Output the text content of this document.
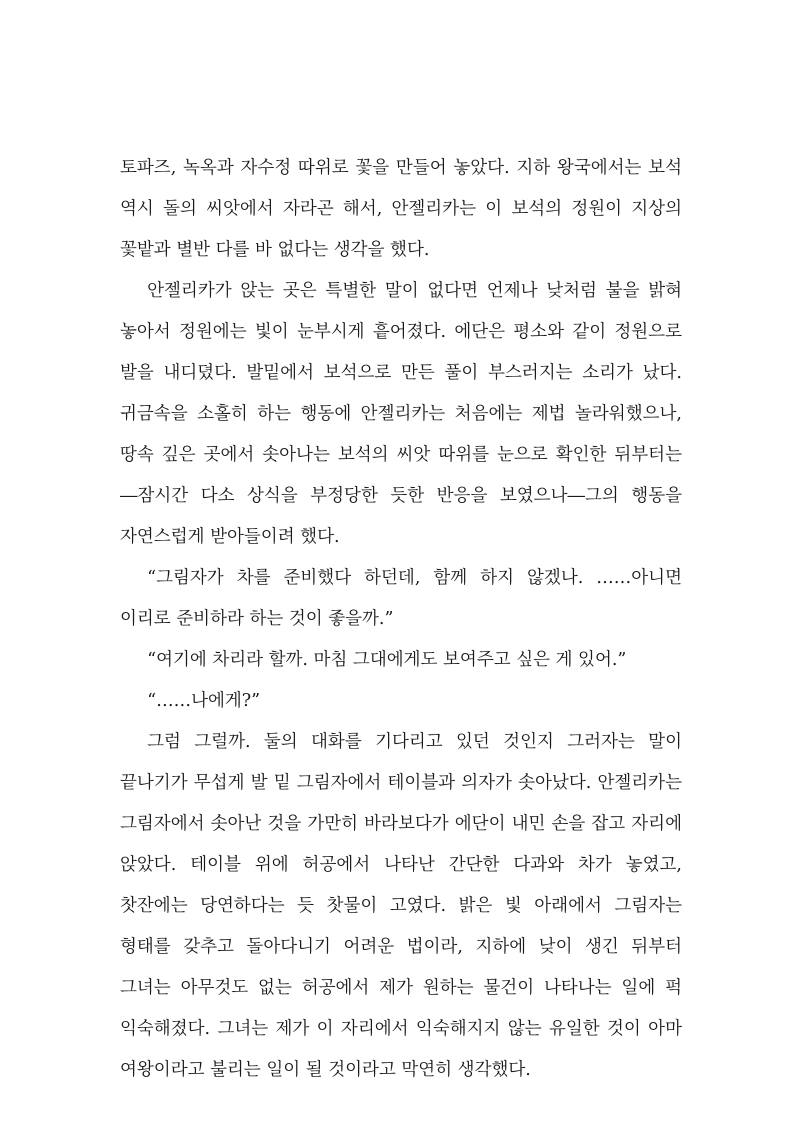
토파즈, 녹옥과 자수정 따위로 꽃을 만들어 놓았다. 지하 왕국에서는 보석 역시 돌의 씨앗에서 자라곤 해서, 안젤리카는 이 보석의 정원이 지상의 꽃밭과 별반 다를 바 없다는 생각을 했다.

안젤리카가 앉는 곳은 특별한 말이 없다면 언제나 낮처럼 불을 밝혀 놓아서 정원에는 빛이 눈부시게 흩어졌다. 에단은 평소와 같이 정원으로 발을 내디뎠다. 발밑에서 보석으로 만든 풀이 부스러지는 소리가 났다. 귀금속을 소홀히 하는 행동에 안젤리카는 처음에는 제법 놀라워했으나, 땅속 깊은 곳에서 솟아나는 보석의 씨앗 따위를 눈으로 확인한 뒤부터는 ―잠시간 다소 상식을 부정당한 듯한 반응을 보였으나―그의 행동을 자연스럽게 받아들이려 했다.

“그림자가 차를 준비했다 하던데, 함께 하지 않겠나. ……아니면 이리로 준비하라 하는 것이 좋을까.”

“여기에 차리라 할까. 마침 그대에게도 보여주고 싶은 게 있어.”

“……나에게?”

그럼 그럴까. 둘의 대화를 기다리고 있던 것인지 그러자는 말이 끝나기가 무섭게 발 밑 그림자에서 테이블과 의자가 솟아났다. 안젤리카는 그림자에서 솟아난 것을 가만히 바라보다가 에단이 내민 손을 잡고 자리에 앉았다. 테이블 위에 허공에서 나타난 간단한 다과와 차가 놓였고, 찻잔에는 당연하다는 듯 찻물이 고였다. 밝은 빛 아래에서 그림자는 형태를 갖추고 돌아다니기 어려운 법이라, 지하에 낮이 생긴 뒤부터 그녀는 아무것도 없는 허공에서 제가 원하는 물건이 나타나는 일에 퍽 익숙해졌다. 그녀는 제가 이 자리에서 익숙해지지 않는 유일한 것이 아마 여왕이라고 불리는 일이 될 것이라고 막연히 생각했다.
